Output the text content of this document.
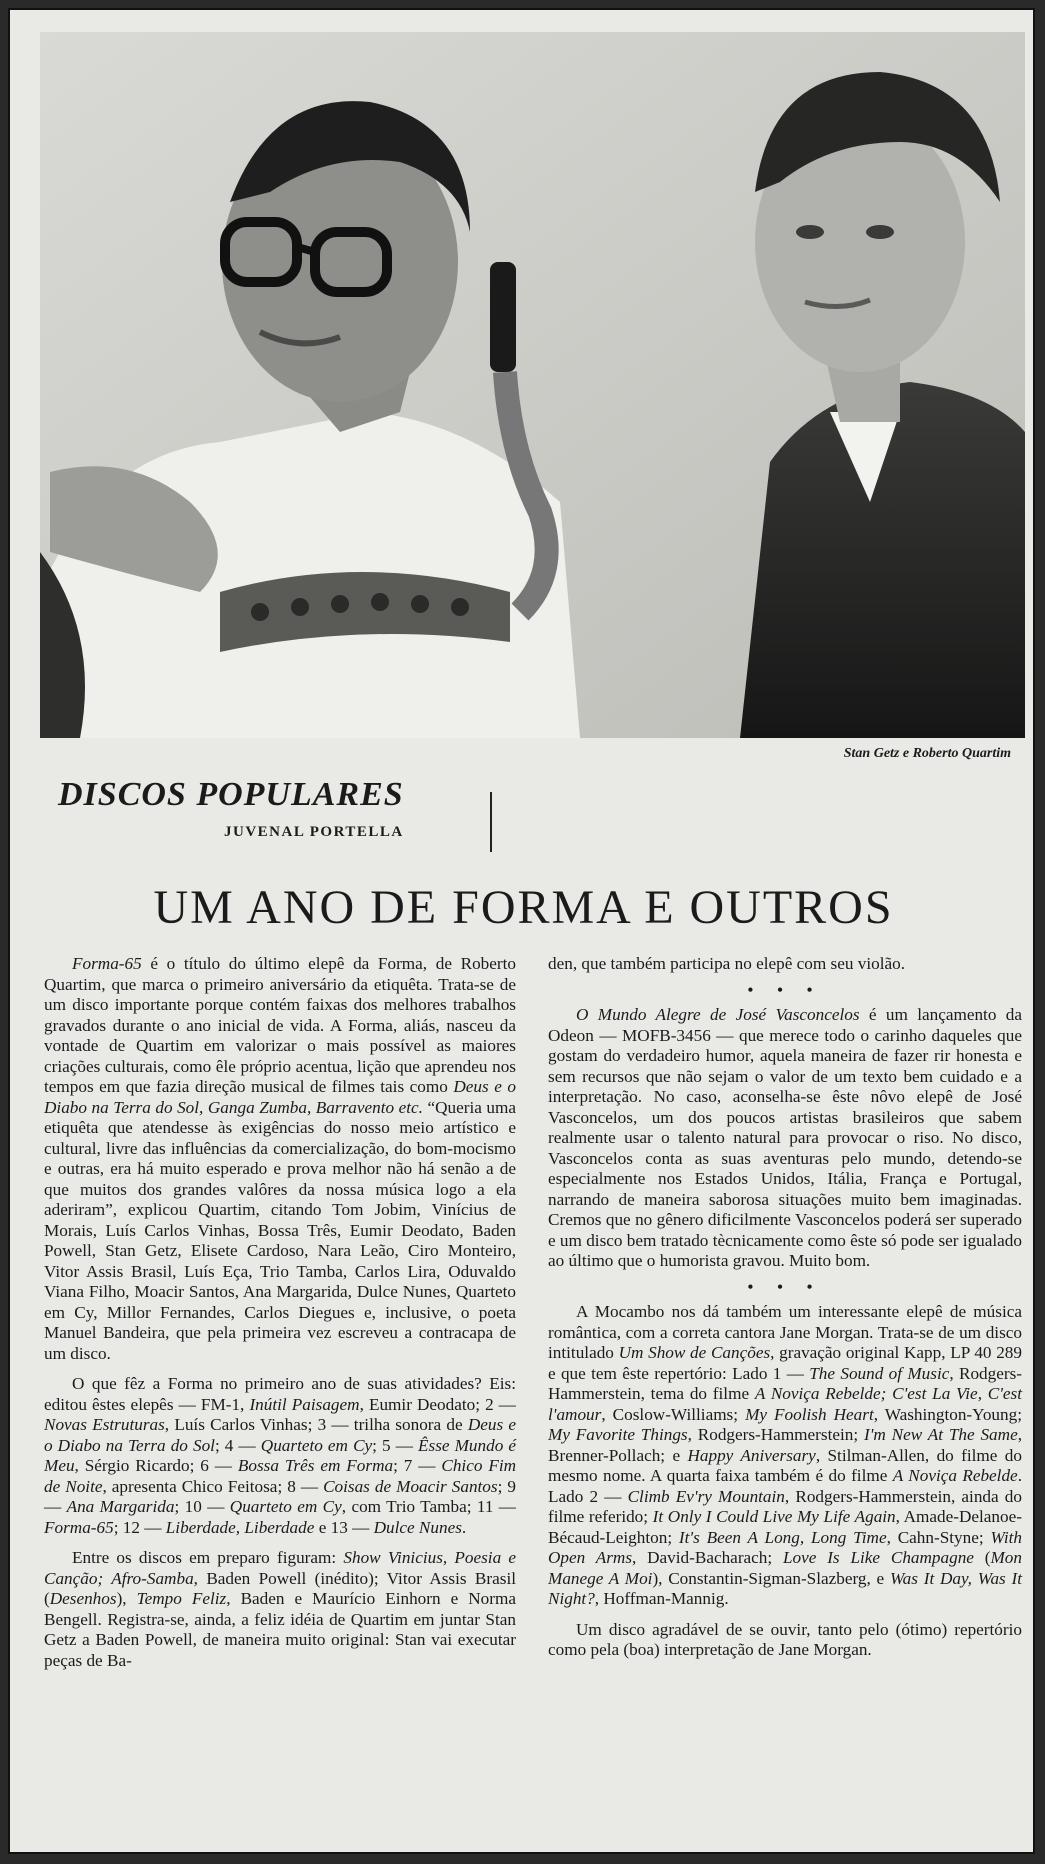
Stan Getz e Roberto Quartim
DISCOS POPULARES
JUVENAL PORTELLA
UM ANO DE FORMA E OUTROS

Forma-65 é o título do último elepê da Forma, de Roberto Quartim, que marca o primeiro aniversário da etiquêta. Trata-se de um disco importante porque contém faixas dos melhores trabalhos gravados durante o ano inicial de vida. A Forma, aliás, nasceu da vontade de Quartim em valorizar o mais possível as maiores criações culturais, como êle próprio acentua, lição que aprendeu nos tempos em que fazia direção musical de filmes tais como Deus e o Diabo na Terra do Sol, Ganga Zumba, Barravento etc. “Queria uma etiquêta que atendesse às exigências do nosso meio artístico e cultural, livre das influências da comercialização, do bom-mocismo e outras, era há muito esperado e prova melhor não há senão a de que muitos dos grandes valôres da nossa música logo a ela aderiram”, explicou Quartim, citando Tom Jobim, Vinícius de Morais, Luís Carlos Vinhas, Bossa Três, Eumir Deodato, Baden Powell, Stan Getz, Elisete Cardoso, Nara Leão, Ciro Monteiro, Vitor Assis Brasil, Luís Eça, Trio Tamba, Carlos Lira, Oduvaldo Viana Filho, Moacir Santos, Ana Margarida, Dulce Nunes, Quarteto em Cy, Millor Fernandes, Carlos Diegues e, inclusive, o poeta Manuel Bandeira, que pela primeira vez escreveu a contracapa de um disco.

O que fêz a Forma no primeiro ano de suas atividades? Eis: editou êstes elepês — FM-1, Inútil Paisagem, Eumir Deodato; 2 — Novas Estruturas, Luís Carlos Vinhas; 3 — trilha sonora de Deus e o Diabo na Terra do Sol; 4 — Quarteto em Cy; 5 — Êsse Mundo é Meu, Sérgio Ricardo; 6 — Bossa Três em Forma; 7 — Chico Fim de Noite, apresenta Chico Feitosa; 8 — Coisas de Moacir Santos; 9 — Ana Margarida; 10 — Quarteto em Cy, com Trio Tamba; 11 — Forma-65; 12 — Liberdade, Liberdade e 13 — Dulce Nunes.

Entre os discos em preparo figuram: Show Vinicius, Poesia e Canção; Afro-Samba, Baden Powell (inédito); Vitor Assis Brasil (Desenhos), Tempo Feliz, Baden e Maurício Einhorn e Norma Bengell. Registra-se, ainda, a feliz idéia de Quartim em juntar Stan Getz a Baden Powell, de maneira muito original: Stan vai executar peças de Ba-

den, que também participa no elepê com seu violão.

• • •

O Mundo Alegre de José Vasconcelos é um lançamento da Odeon — MOFB-3456 — que merece todo o carinho daqueles que gostam do verdadeiro humor, aquela maneira de fazer rir honesta e sem recursos que não sejam o valor de um texto bem cuidado e a interpretação. No caso, aconselha-se êste nôvo elepê de José Vasconcelos, um dos poucos artistas brasileiros que sabem realmente usar o talento natural para provocar o riso. No disco, Vasconcelos conta as suas aventuras pelo mundo, detendo-se especialmente nos Estados Unidos, Itália, França e Portugal, narrando de maneira saborosa situações muito bem imaginadas. Cremos que no gênero dificilmente Vasconcelos poderá ser superado e um disco bem tratado tècnicamente como êste só pode ser igualado ao último que o humorista gravou. Muito bom.

• • •

A Mocambo nos dá também um interessante elepê de música romântica, com a correta cantora Jane Morgan. Trata-se de um disco intitulado Um Show de Canções, gravação original Kapp, LP 40 289 e que tem êste repertório: Lado 1 — The Sound of Music, Rodgers-Hammerstein, tema do filme A Noviça Rebelde; C'est La Vie, C'est l'amour, Coslow-Williams; My Foolish Heart, Washington-Young; My Favorite Things, Rodgers-Hammerstein; I'm New At The Same, Brenner-Pollach; e Happy Aniversary, Stilman-Allen, do filme do mesmo nome. A quarta faixa também é do filme A Noviça Rebelde. Lado 2 — Climb Ev'ry Mountain, Rodgers-Hammerstein, ainda do filme referido; It Only I Could Live My Life Again, Amade-Delanoe-Bécaud-Leighton; It's Been A Long, Long Time, Cahn-Styne; With Open Arms, David-Bacharach; Love Is Like Champagne (Mon Manege A Moi), Constantin-Sigman-Slazberg, e Was It Day, Was It Night?, Hoffman-Mannig.

Um disco agradável de se ouvir, tanto pelo (ótimo) repertório como pela (boa) interpretação de Jane Morgan.
